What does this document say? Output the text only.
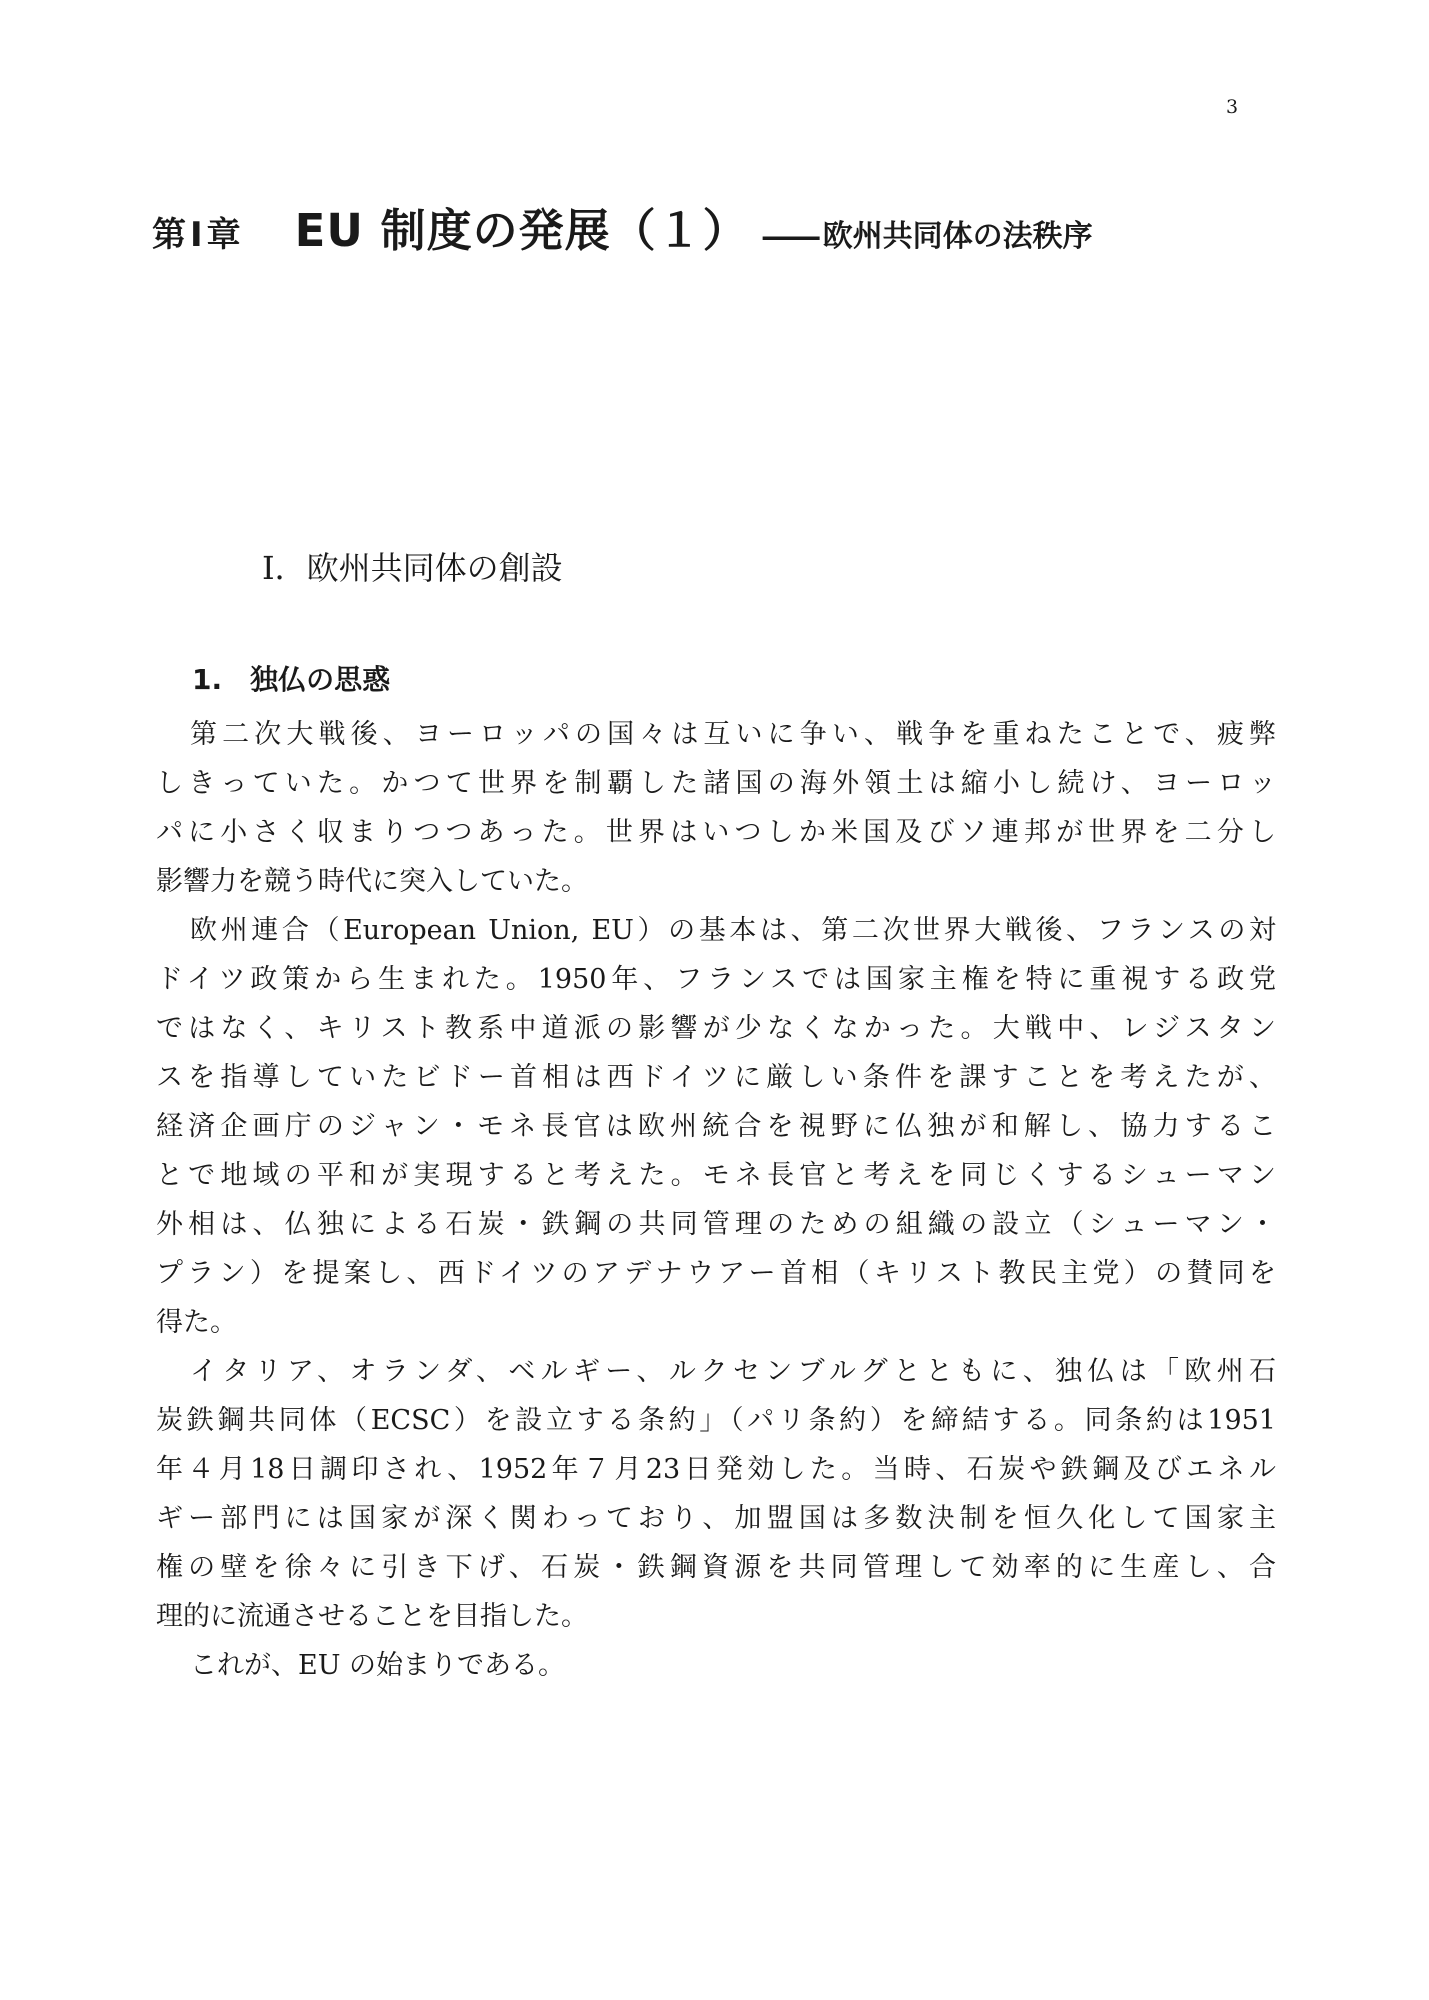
3
第Ⅰ章 EU 制度の発展（１） ―― 欧州共同体の法秩序
Ⅰ．欧州共同体の創設
1.　独仏の思惑
第二次大戦後、ヨーロッパの国々は互いに争い、戦争を重ねたことで、疲弊
しきっていた。かつて世界を制覇した諸国の海外領土は縮小し続け、ヨーロッ
パに小さく収まりつつあった。世界はいつしか米国及びソ連邦が世界を二分し
影響力を競う時代に突入していた。
欧州連合（European Union, EU）の基本は、第二次世界大戦後、フランスの対
ドイツ政策から生まれた。1950年、フランスでは国家主権を特に重視する政党
ではなく、キリスト教系中道派の影響が少なくなかった。大戦中、レジスタン
スを指導していたビドー首相は西ドイツに厳しい条件を課すことを考えたが、
経済企画庁のジャン・モネ長官は欧州統合を視野に仏独が和解し、協力するこ
とで地域の平和が実現すると考えた。モネ長官と考えを同じくするシューマン
外相は、仏独による石炭・鉄鋼の共同管理のための組織の設立（シューマン・
プラン）を提案し、西ドイツのアデナウアー首相（キリスト教民主党）の賛同を
得た。
イタリア、オランダ、ベルギー、ルクセンブルグとともに、独仏は「欧州石
炭鉄鋼共同体（ECSC）を設立する条約」（パリ条約）を締結する。同条約は1951
年４月18日調印され、1952年７月23日発効した。当時、石炭や鉄鋼及びエネル
ギー部門には国家が深く関わっており、加盟国は多数決制を恒久化して国家主
権の壁を徐々に引き下げ、石炭・鉄鋼資源を共同管理して効率的に生産し、合
理的に流通させることを目指した。
これが、EU の始まりである。
